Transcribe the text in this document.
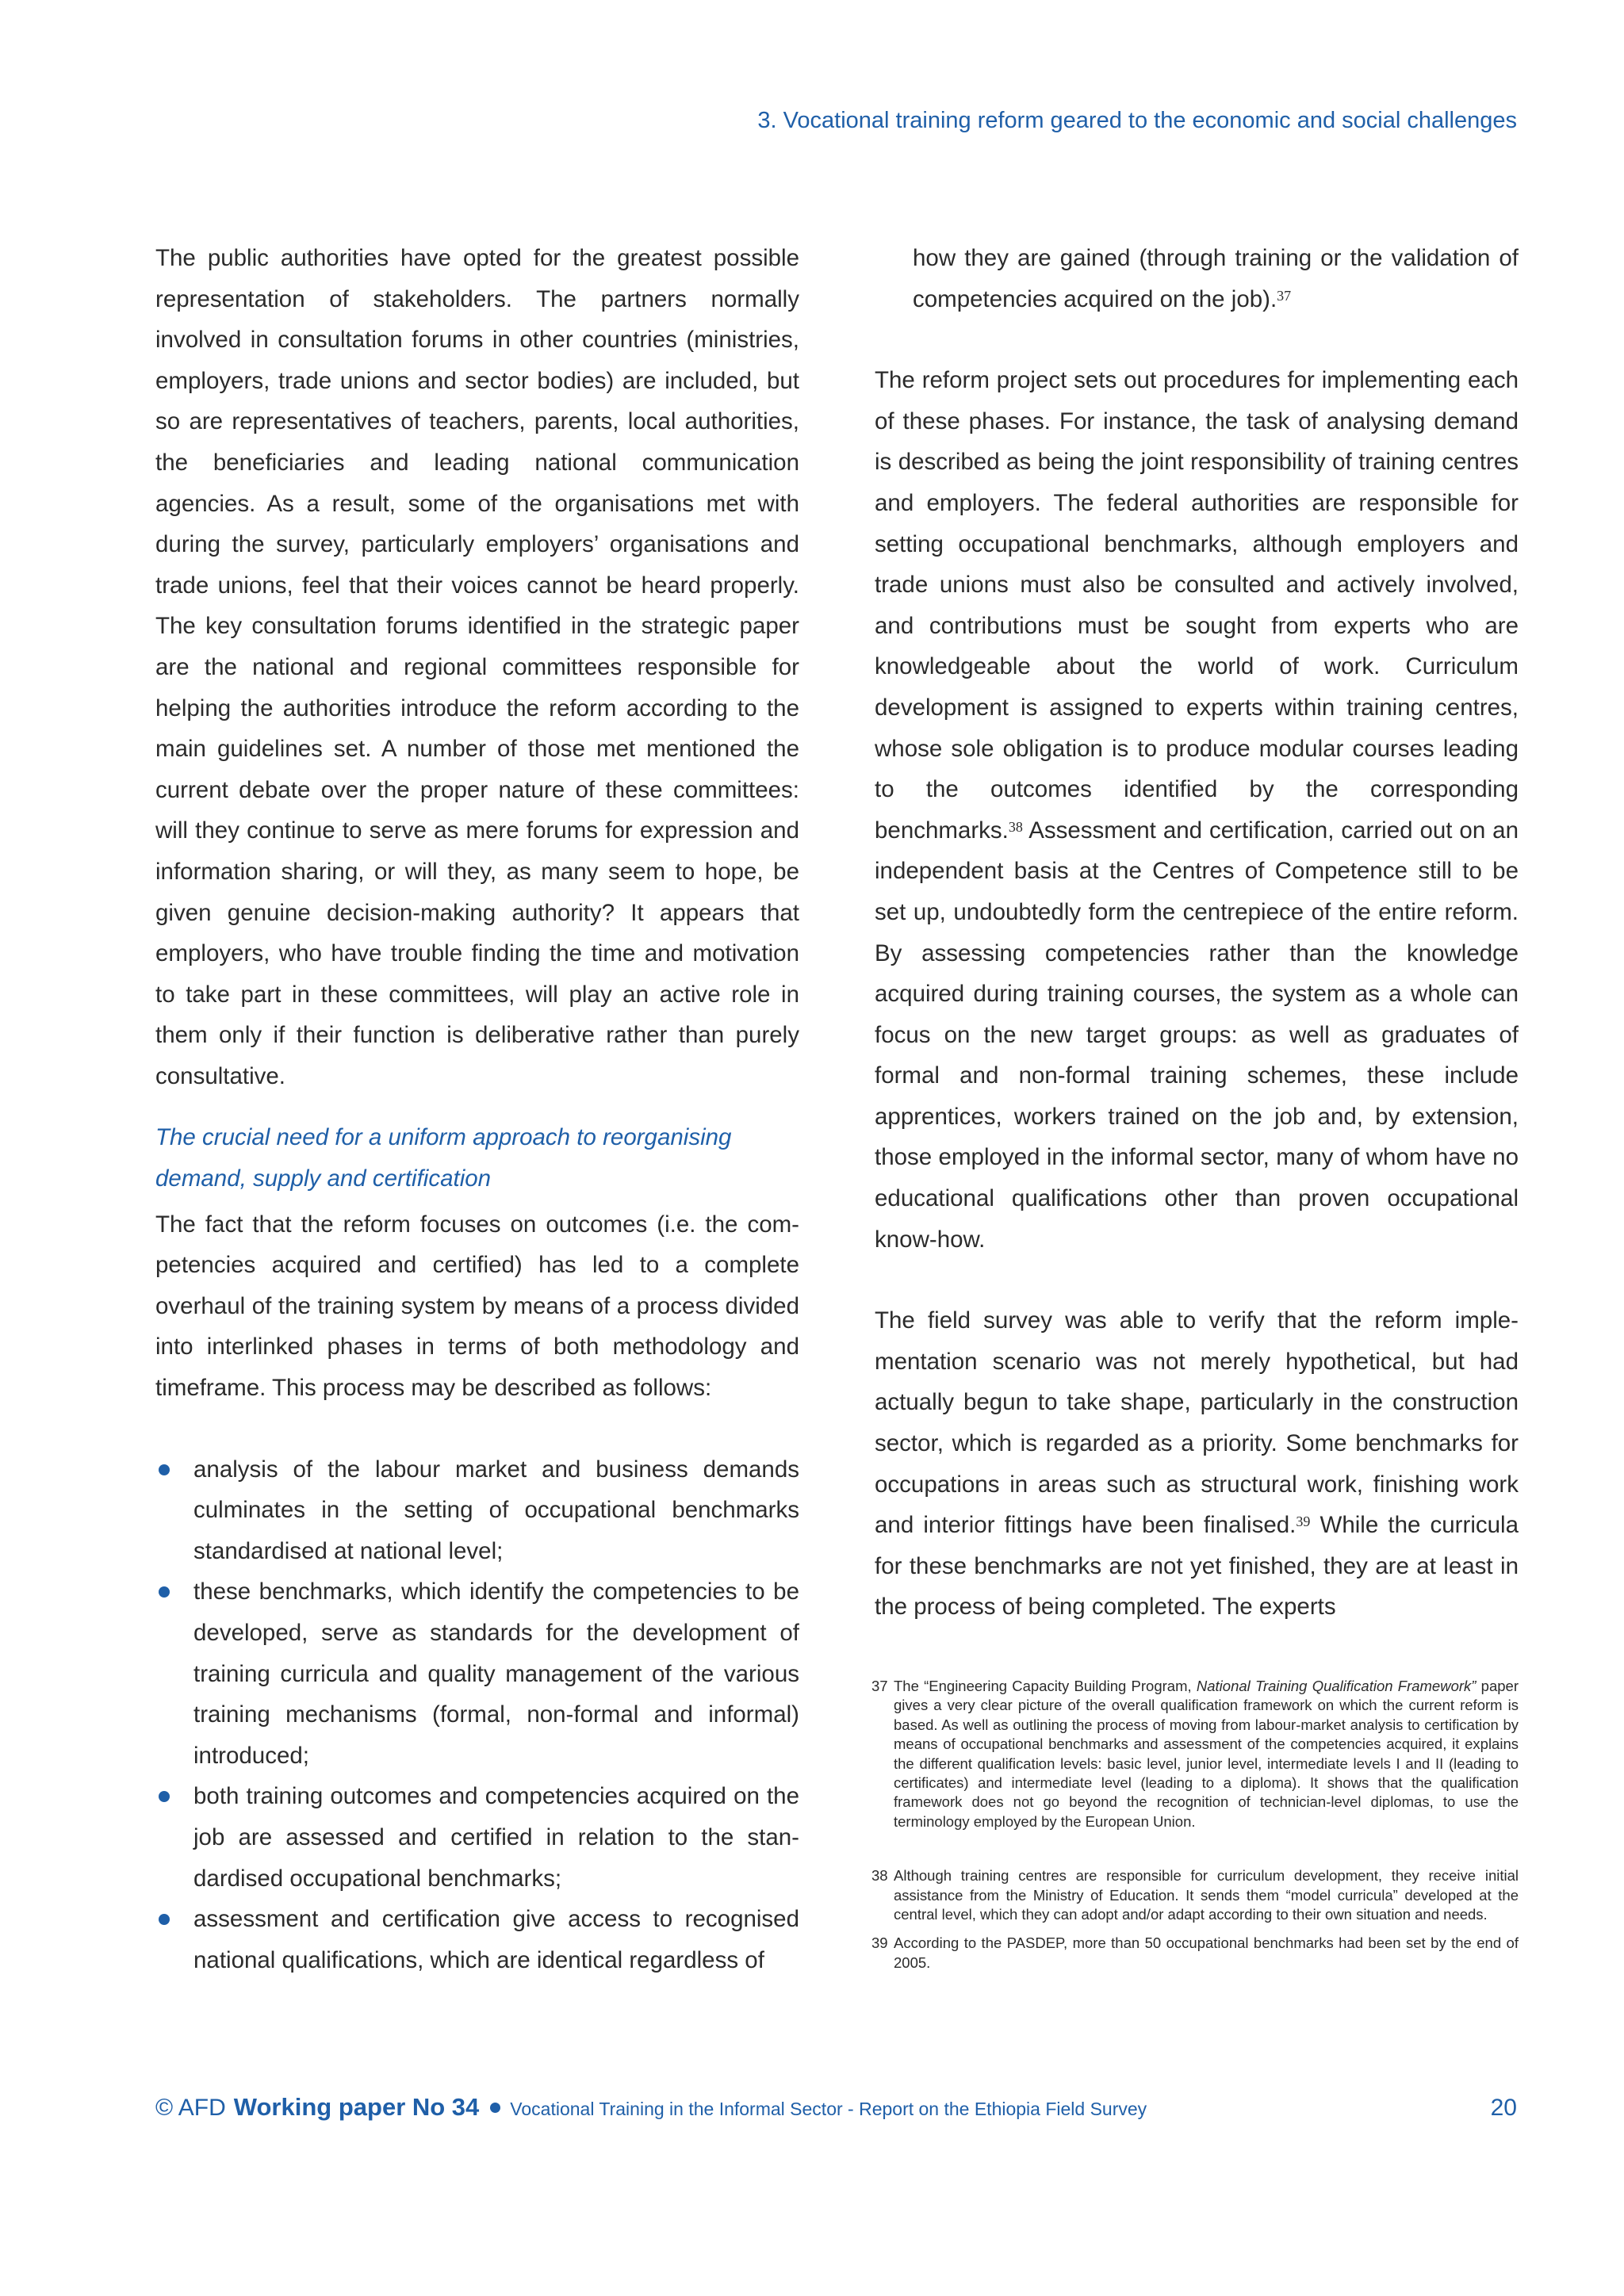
3. Vocational training reform geared to the economic and social challenges

The public authorities have opted for the greatest possible representation of stakeholders. The partners normally involved in consultation forums in other countries (ministries, employers, trade unions and sector bodies) are included, but so are representatives of teachers, parents, local authorities, the beneficiaries and leading national communication agencies. As a result, some of the organisations met with during the survey, particularly employers’ organisations and trade unions, feel that their voices cannot be heard properly. The key consultation forums identified in the strategic paper are the national and regional committees responsible for helping the authorities introduce the reform according to the main guidelines set. A number of those met mentioned the current debate over the proper nature of these committees: will they continue to serve as mere forums for expression and information sharing, or will they, as many seem to hope, be given genuine decision-making authority? It appears that employers, who have trouble finding the time and motivation to take part in these committees, will play an active role in them only if their function is deliberative rather than purely consultative.

The crucial need for a uniform approach to reorganising demand, supply and certification

The fact that the reform focuses on outcomes (i.e. the competencies acquired and certified) has led to a complete overhaul of the training system by means of a process divided into interlinked phases in terms of both methodology and timeframe. This process may be described as follows:

analysis of the labour market and business demands culminates in the setting of occupational benchmarks standardised at national level;
these benchmarks, which identify the competencies to be developed, serve as standards for the development of training curricula and quality management of the various training mechanisms (formal, non-formal and informal) introduced;
both training outcomes and competencies acquired on the job are assessed and certified in relation to the standardised occupational benchmarks;
assessment and certification give access to recognised national qualifications, which are identical regardless of

how they are gained (through training or the validation of competencies acquired on the job).$^{37}$

The reform project sets out procedures for implementing each of these phases. For instance, the task of analysing demand is described as being the joint responsibility of training centres and employers. The federal authorities are responsible for setting occupational benchmarks, although employers and trade unions must also be consulted and actively involved, and contributions must be sought from experts who are knowledgeable about the world of work. Curriculum development is assigned to experts within training centres, whose sole obligation is to produce modular courses leading to the outcomes identified by the corresponding benchmarks.$^{38}$ Assessment and certification, carried out on an independent basis at the Centres of Competence still to be set up, undoubtedly form the centrepiece of the entire reform. By assessing competencies rather than the knowledge acquired during training courses, the system as a whole can focus on the new target groups: as well as graduates of formal and non-formal training schemes, these include apprentices, workers trained on the job and, by extension, those employed in the informal sector, many of whom have no educational qualifications other than proven occupational know-how.

The field survey was able to verify that the reform implementation scenario was not merely hypothetical, but had actually begun to take shape, particularly in the construction sector, which is regarded as a priority. Some benchmarks for occupations in areas such as structural work, finishing work and interior fittings have been finalised.$^{39}$ While the curricula for these benchmarks are not yet finished, they are at least in the process of being completed. The experts

37 The “Engineering Capacity Building Program, National Training Qualification Framework” paper gives a very clear picture of the overall qualification framework on which the current reform is based. As well as outlining the process of moving from labour-market analysis to certification by means of occupational benchmarks and assessment of the competencies acquired, it explains the different qualification levels: basic level, junior level, intermediate levels I and II (leading to certificates) and intermediate level (leading to a diploma). It shows that the qualification framework does not go beyond the recognition of technician-level diplomas, to use the terminology employed by the European Union.
38 Although training centres are responsible for curriculum development, they receive initial assistance from the Ministry of Education. It sends them “model curricula” developed at the central level, which they can adopt and/or adapt according to their own situation and needs.
39 According to the PASDEP, more than 50 occupational benchmarks had been set by the end of 2005.
© AFD Working paper No 34 Vocational Training in the Informal Sector - Report on the Ethiopia Field Survey	20
